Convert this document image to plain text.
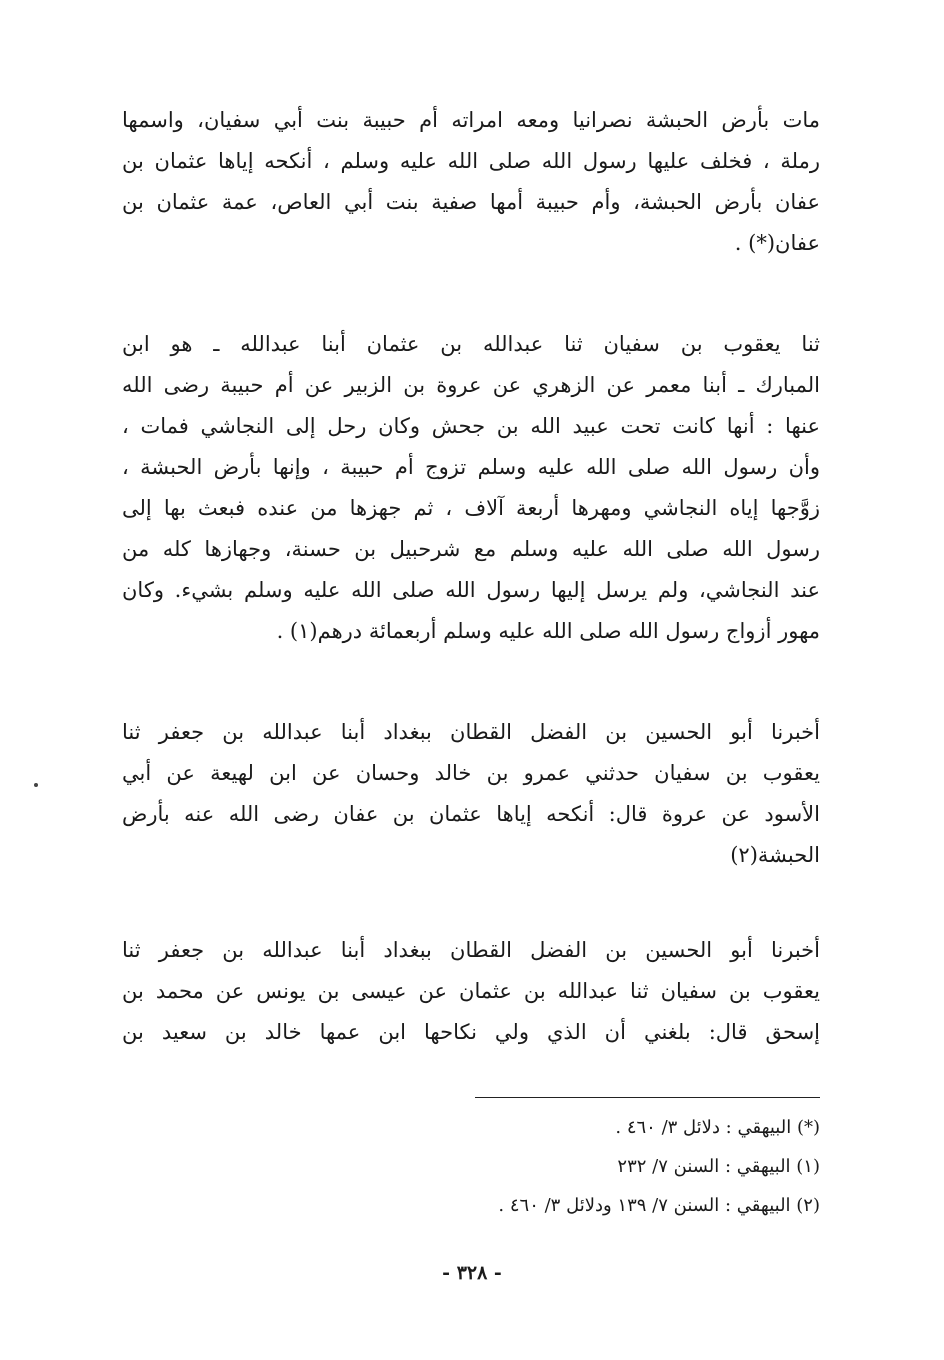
مات بأرض الحبشة نصرانيا ومعه امراته أم حبيبة بنت أبي سفيان، واسمها
رملة ، فخلف عليها رسول الله صلى الله عليه وسلم ، أنكحه إياها عثمان بن
عفان بأرض الحبشة، وأم حبيبة أمها صفية بنت أبي العاص، عمة عثمان بن
عفان(*) .
ثنا يعقوب بن سفيان ثنا عبدالله بن عثمان أبنا عبدالله ـ هو ابن
المبارك ـ أبنا معمر عن الزهري عن عروة بن الزبير عن أم حبيبة رضى الله
عنها : أنها كانت تحت عبيد الله بن جحش وكان رحل إلى النجاشي فمات ،
وأن رسول الله صلى الله عليه وسلم تزوج أم حبيبة ، وإنها بأرض الحبشة ،
زوَّجها إياه النجاشي ومهرها أربعة آلاف ، ثم جهزها من عنده فبعث بها إلى
رسول الله صلى الله عليه وسلم مع شرحبيل بن حسنة، وجهازها كله من
عند النجاشي، ولم يرسل إليها رسول الله صلى الله عليه وسلم بشيء. وكان
مهور أزواج رسول الله صلى الله عليه وسلم أربعمائة درهم(١) .
أخبرنا أبو الحسين بن الفضل القطان ببغداد أبنا عبدالله بن جعفر ثنا
يعقوب بن سفيان حدثني عمرو بن خالد وحسان عن ابن لهيعة عن أبي
الأسود عن عروة قال: أنكحه إياها عثمان بن عفان رضى الله عنه بأرض
الحبشة(٢)
أخبرنا أبو الحسين بن الفضل القطان ببغداد أبنا عبدالله بن جعفر ثنا
يعقوب بن سفيان ثنا عبدالله بن عثمان عن عيسى بن يونس عن محمد بن
إسحق قال: بلغني أن الذي ولي نكاحها ابن عمها خالد بن سعيد بن
(*) البيهقي : دلائل ٣/ ٤٦٠ .
(١) البيهقي : السنن ٧/ ٢٣٢
(٢) البيهقي : السنن ٧/ ١٣٩ ودلائل ٣/ ٤٦٠ .
- ٣٢٨ -
